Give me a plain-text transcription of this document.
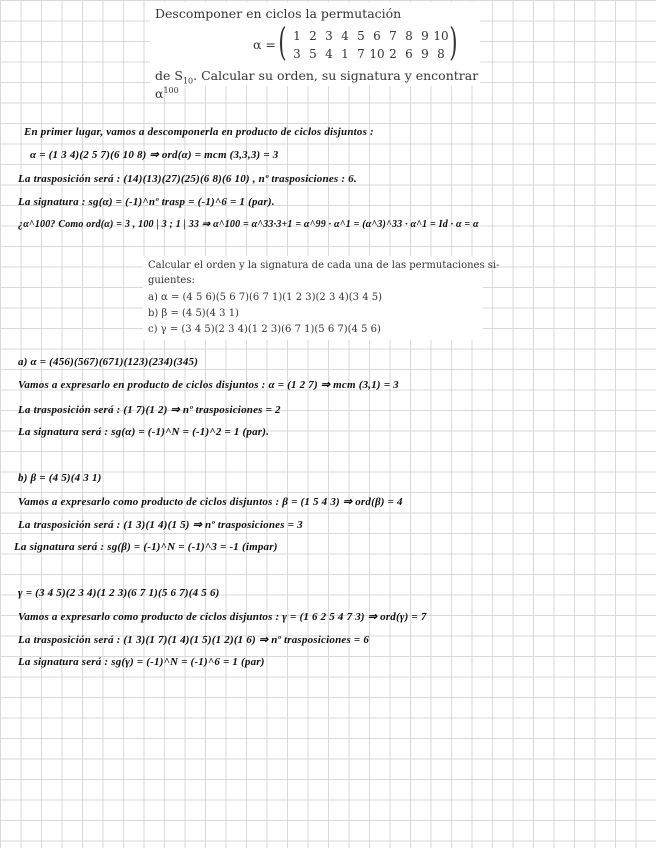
Descomponer en ciclos la permutación
α = ( 1 2 3 4 5 6 7 8 9 10
3 5 4 1 7 10 2 6 9 8 )
de $S_{10}$. Calcular su orden, su signatura y encontrar $\alpha^{100}$
En primer lugar, vamos a descomponerla en producto de ciclos disjuntos :
α = (1 3 4)(2 5 7)(6 10 8) ⇒ ord(α) = mcm (3,3,3) = 3
La trasposición será : (14)(13)(27)(25)(6 8)(6 10) , nº trasposiciones : 6.
La signatura : sg(α) = (-1)^nº trasp = (-1)^6 = 1 (par).
¿α^100? Como ord(α) = 3 , 100 | 3 ; 1 | 33 ⇒ α^100 = α^33·3+1 = α^99 · α^1 = (α^3)^33 · α^1 = Id · α = α
Calcular el orden y la signatura de cada una de las permutaciones si-
guientes:
a) α = (4 5 6)(5 6 7)(6 7 1)(1 2 3)(2 3 4)(3 4 5)
b) β = (4 5)(4 3 1)
c) γ = (3 4 5)(2 3 4)(1 2 3)(6 7 1)(5 6 7)(4 5 6)
a) α = (456)(567)(671)(123)(234)(345)
Vamos a expresarlo en producto de ciclos disjuntos : α = (1 2 7) ⇒ mcm (3,1) = 3
La trasposición será : (1 7)(1 2) ⇒ nº trasposiciones = 2
La signatura será : sg(α) = (-1)^N = (-1)^2 = 1 (par).
b) β = (4 5)(4 3 1)
Vamos a expresarlo como producto de ciclos disjuntos : β = (1 5 4 3) ⇒ ord(β) = 4
La trasposición será : (1 3)(1 4)(1 5) ⇒ nº trasposiciones = 3
La signatura será : sg(β) = (-1)^N = (-1)^3 = -1 (impar)
γ = (3 4 5)(2 3 4)(1 2 3)(6 7 1)(5 6 7)(4 5 6)
Vamos a expresarlo como producto de ciclos disjuntos : γ = (1 6 2 5 4 7 3) ⇒ ord(γ) = 7
La trasposición será : (1 3)(1 7)(1 4)(1 5)(1 2)(1 6) ⇒ nº trasposiciones = 6
La signatura será : sg(γ) = (-1)^N = (-1)^6 = 1 (par)
